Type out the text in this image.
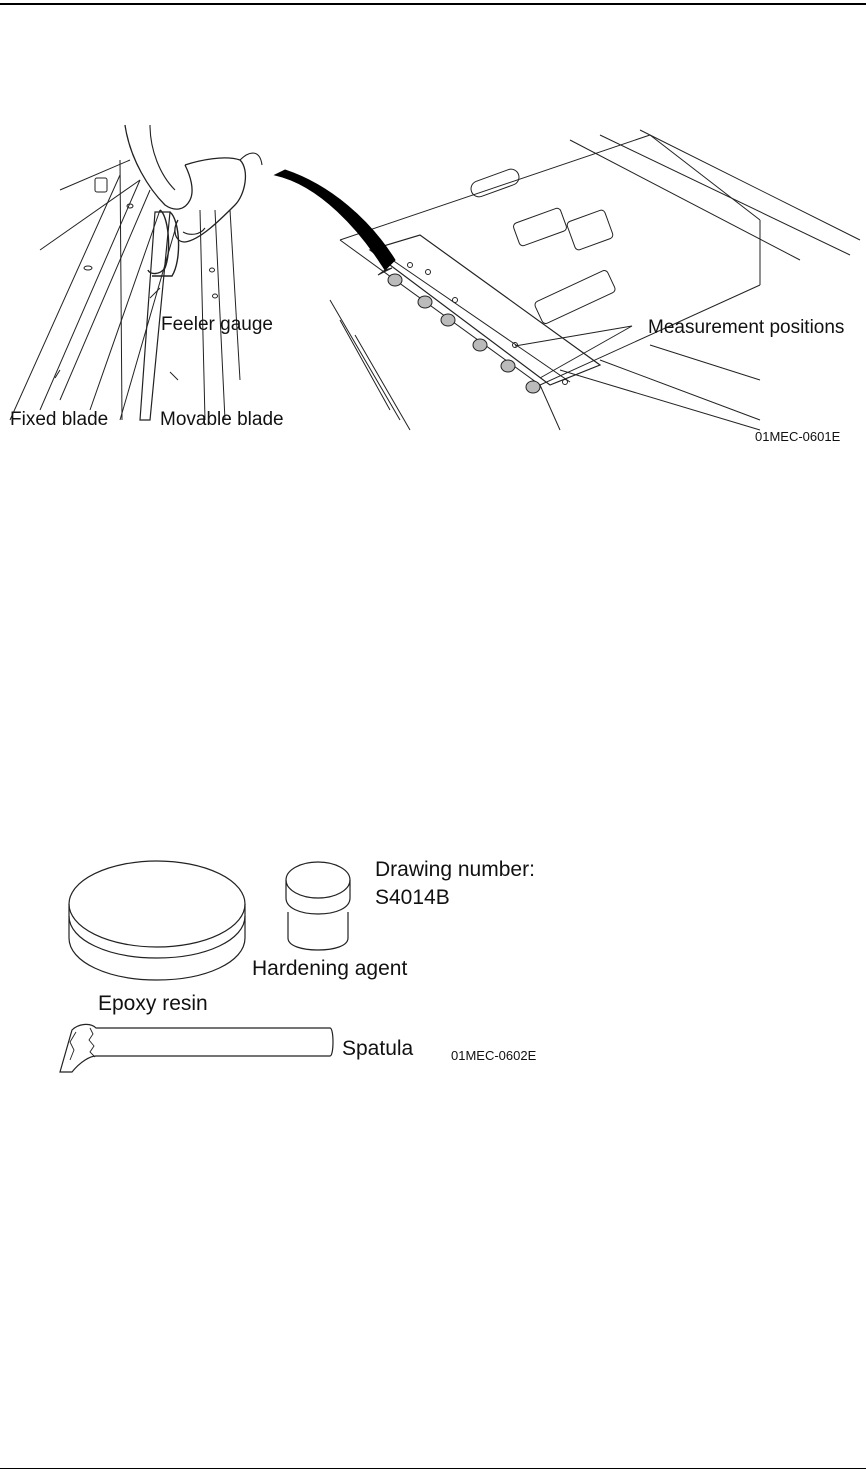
Feeler gauge
Fixed blade	Movable blade
Measurement positions
01MEC-0601E
Drawing number:
S4014B
Hardening agent
Epoxy resin
Spatula	01MEC-0602E
